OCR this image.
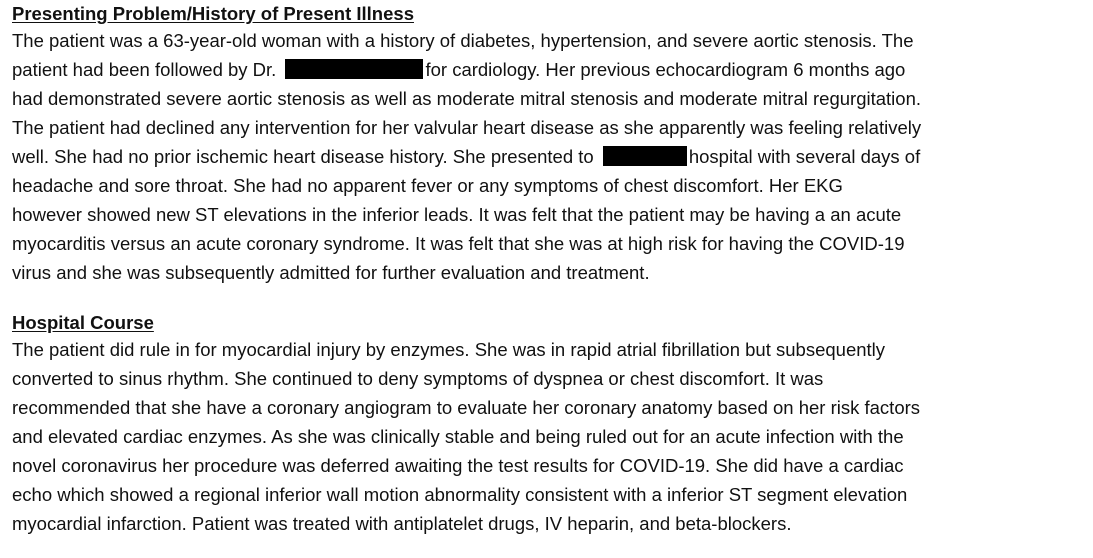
Presenting Problem/History of Present Illness

The patient was a 63-year-old woman with a history of diabetes, hypertension, and severe aortic stenosis. The

patient had been followed by Dr.	for cardiology. Her previous echocardiogram 6 months ago

had demonstrated severe aortic stenosis as well as moderate mitral stenosis and moderate mitral regurgitation.

The patient had declined any intervention for her valvular heart disease as she apparently was feeling relatively

well. She had no prior ischemic heart disease history. She presented to	hospital with several days of

headache and sore throat. She had no apparent fever or any symptoms of chest discomfort. Her EKG

however showed new ST elevations in the inferior leads. It was felt that the patient may be having a an acute

myocarditis versus an acute coronary syndrome. It was felt that she was at high risk for having the COVID-19

virus and she was subsequently admitted for further evaluation and treatment.

Hospital Course

The patient did rule in for myocardial injury by enzymes. She was in rapid atrial fibrillation but subsequently

converted to sinus rhythm. She continued to deny symptoms of dyspnea or chest discomfort. It was

recommended that she have a coronary angiogram to evaluate her coronary anatomy based on her risk factors

and elevated cardiac enzymes. As she was clinically stable and being ruled out for an acute infection with the

novel coronavirus her procedure was deferred awaiting the test results for COVID-19. She did have a cardiac

echo which showed a regional inferior wall motion abnormality consistent with a inferior ST segment elevation

myocardial infarction. Patient was treated with antiplatelet drugs, IV heparin, and beta-blockers.
